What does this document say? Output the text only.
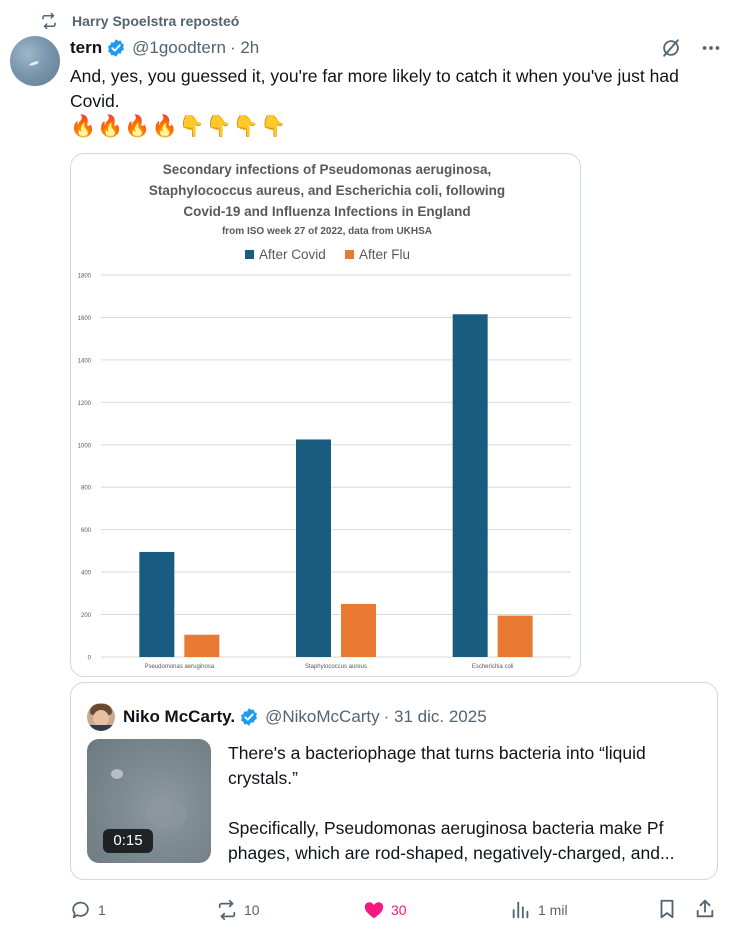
Harry Spoelstra reposteó
tern @1goodtern · 2h
And, yes, you guessed it, you're far more likely to catch it when you've just had Covid.
🔥🔥🔥🔥👇👇👇👇
Secondary infections of Pseudomonas aeruginosa,
Staphylococcus aureus, and Escherichia coli, following
Covid-19 and Influenza Infections in England
from ISO week 27 of 2022, data from UKHSA
After Covid After Flu
0
200
400
600
800
1000
1200
1400
1600
1800
Pseudomonas aeruginosa	Staphylococcus aureus	Escherichia coli
Niko McCarty. @NikoMcCarty · 31 dic. 2025
0:15

There's a bacteriophage that turns bacteria into “liquid crystals.”

Specifically, Pseudomonas aeruginosa bacteria make Pf phages, which are rod-shaped, negatively-charged, and...

1	10	30	1 mil
